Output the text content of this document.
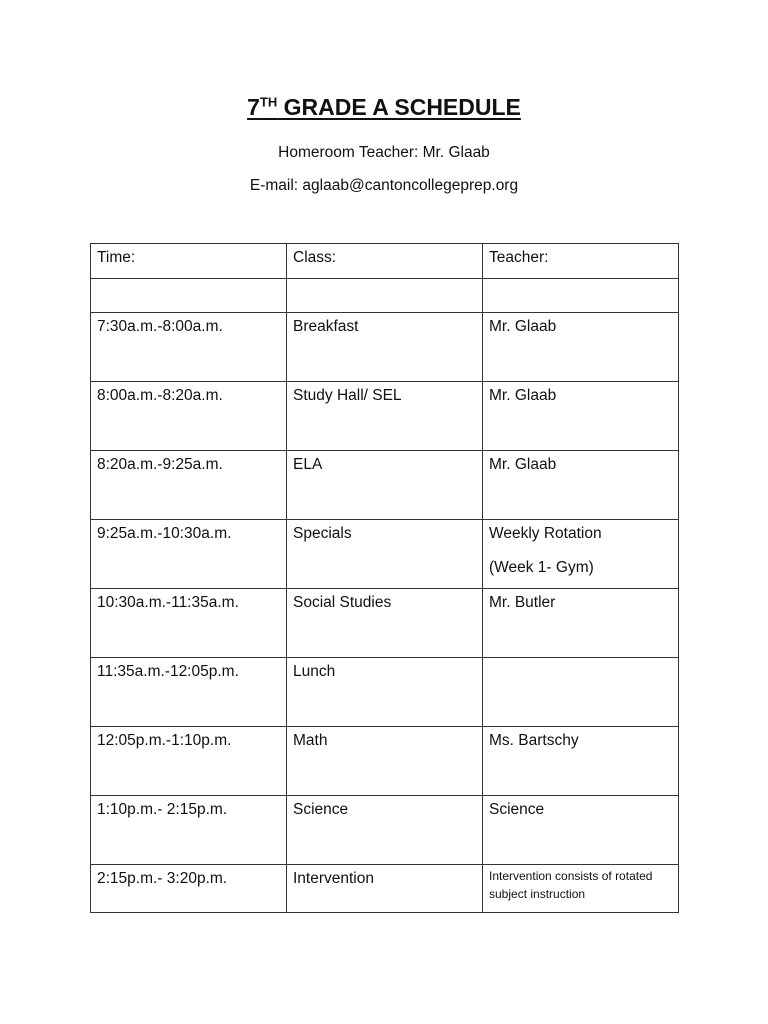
7TH GRADE A SCHEDULE
Homeroom Teacher: Mr. Glaab
E-mail: aglaab@cantoncollegeprep.org
Time:	Class:	Teacher:

7:30a.m.-8:00a.m.	Breakfast	Mr. Glaab
8:00a.m.-8:20a.m.	Study Hall/ SEL	Mr. Glaab
8:20a.m.-9:25a.m.	ELA	Mr. Glaab
9:25a.m.-10:30a.m.	Specials	Weekly Rotation
(Week 1- Gym)

10:30a.m.-11:35a.m.	Social Studies	Mr. Butler
11:35a.m.-12:05p.m.	Lunch	
12:05p.m.-1:10p.m.	Math	Ms. Bartschy
1:10p.m.- 2:15p.m.	Science	Science
2:15p.m.- 3:20p.m.	Intervention	Intervention consists of rotated subject instruction
